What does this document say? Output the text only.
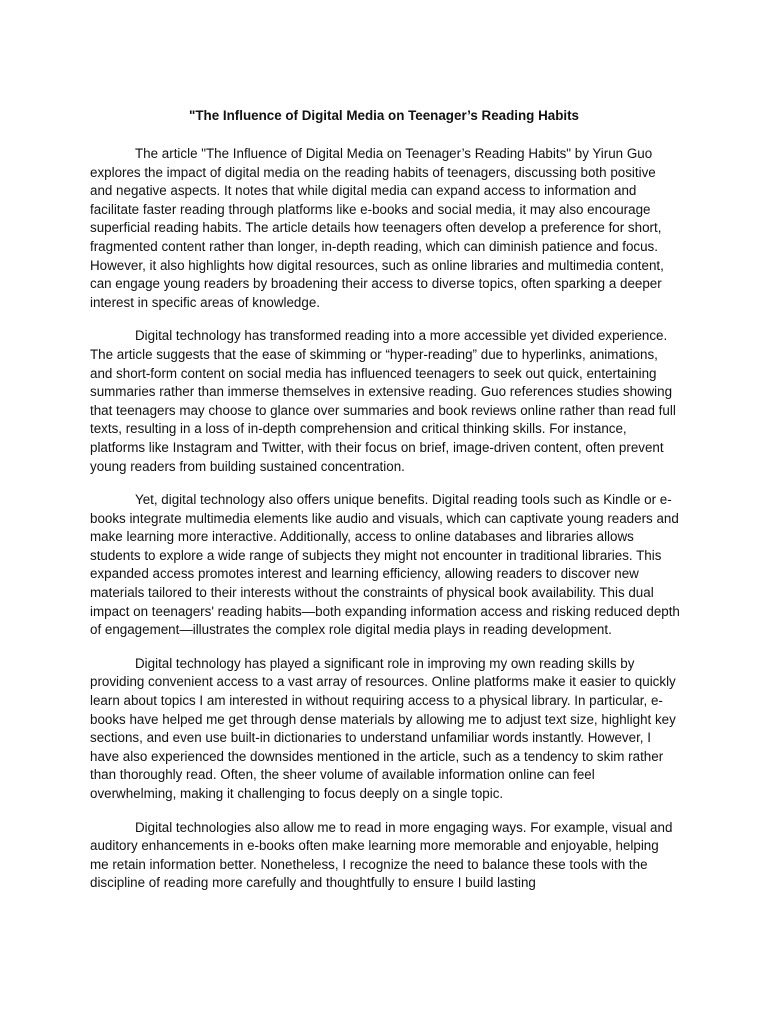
"The Influence of Digital Media on Teenager’s Reading Habits

The article "The Influence of Digital Media on Teenager’s Reading Habits" by Yirun Guo explores the impact of digital media on the reading habits of teenagers, discussing both positive and negative aspects. It notes that while digital media can expand access to information and facilitate faster reading through platforms like e-books and social media, it may also encourage superficial reading habits. The article details how teenagers often develop a preference for short, fragmented content rather than longer, in-depth reading, which can diminish patience and focus. However, it also highlights how digital resources, such as online libraries and multimedia content, can engage young readers by broadening their access to diverse topics, often sparking a deeper interest in specific areas of knowledge.

Digital technology has transformed reading into a more accessible yet divided experience. The article suggests that the ease of skimming or “hyper-reading” due to hyperlinks, animations, and short-form content on social media has influenced teenagers to seek out quick, entertaining summaries rather than immerse themselves in extensive reading. Guo references studies showing that teenagers may choose to glance over summaries and book reviews online rather than read full texts, resulting in a loss of in-depth comprehension and critical thinking skills. For instance, platforms like Instagram and Twitter, with their focus on brief, image-driven content, often prevent young readers from building sustained concentration.

Yet, digital technology also offers unique benefits. Digital reading tools such as Kindle or e-books integrate multimedia elements like audio and visuals, which can captivate young readers and make learning more interactive. Additionally, access to online databases and libraries allows students to explore a wide range of subjects they might not encounter in traditional libraries. This expanded access promotes interest and learning efficiency, allowing readers to discover new materials tailored to their interests without the constraints of physical book availability. This dual impact on teenagers' reading habits—both expanding information access and risking reduced depth of engagement—illustrates the complex role digital media plays in reading development.

Digital technology has played a significant role in improving my own reading skills by providing convenient access to a vast array of resources. Online platforms make it easier to quickly learn about topics I am interested in without requiring access to a physical library. In particular, e-books have helped me get through dense materials by allowing me to adjust text size, highlight key sections, and even use built-in dictionaries to understand unfamiliar words instantly. However, I have also experienced the downsides mentioned in the article, such as a tendency to skim rather than thoroughly read. Often, the sheer volume of available information online can feel overwhelming, making it challenging to focus deeply on a single topic.

Digital technologies also allow me to read in more engaging ways. For example, visual and auditory enhancements in e-books often make learning more memorable and enjoyable, helping me retain information better. Nonetheless, I recognize the need to balance these tools with the discipline of reading more carefully and thoughtfully to ensure I build lasting
